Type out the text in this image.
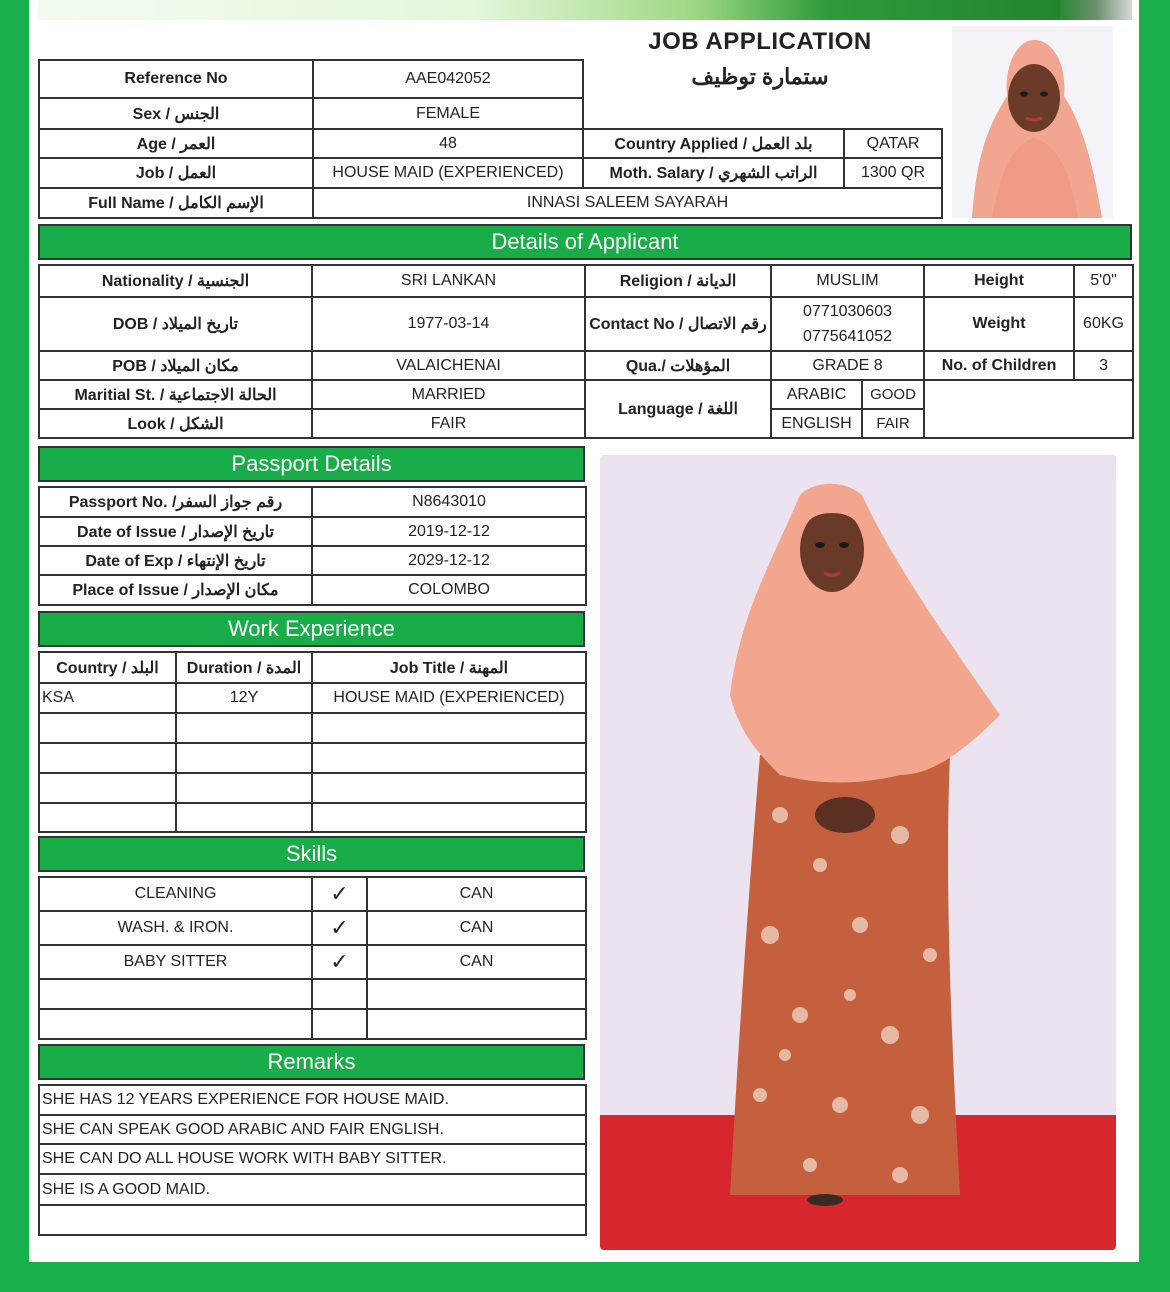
JOB APPLICATION
ستمارة توظيف
Reference No	AAE042052		
Sex / الجنس	FEMALE		
Age / العمر	48	Country Applied / بلد العمل	QATAR
Job / العمل	HOUSE MAID (EXPERIENCED)	Moth. Salary / الراتب الشهري	1300 QR
Full Name / الإسم الكامل	INNASI SALEEM SAYARAH		
Details of Applicant
Nationality / الجنسية	SRI LANKAN	Religion / الديانة	MUSLIM		Height	5'0"
DOB / تاريخ الميلاد	1977-03-14	Contact No / رقم الاتصال	0771030603
0775641052		Weight	60KG
POB / مكان الميلاد	VALAICHENAI	Qua./ المؤهلات	GRADE 8		No. of Children	3
Maritial St. / الحالة الاجتماعية	MARRIED	Language / اللغة	ARABIC	GOOD		
Look / الشكل	FAIR		ENGLISH	FAIR		
Passport Details
Passport No. /رقم جواز السفر	N8643010
Date of Issue / تاريخ الإصدار	2019-12-12
Date of Exp / تاريخ الإنتهاء	2029-12-12
Place of Issue / مكان الإصدار	COLOMBO
Work Experience
Country / البلد	Duration / المدة	Job Title / المهنة
KSA	12Y	HOUSE MAID (EXPERIENCED)

Skills
CLEANING	✓	CAN
WASH. & IRON.	✓	CAN
BABY SITTER	✓	CAN

Remarks
SHE HAS 12 YEARS EXPERIENCE FOR HOUSE MAID.
SHE CAN SPEAK GOOD ARABIC AND FAIR ENGLISH.
SHE CAN DO ALL HOUSE WORK WITH BABY SITTER.
SHE IS A GOOD MAID.
